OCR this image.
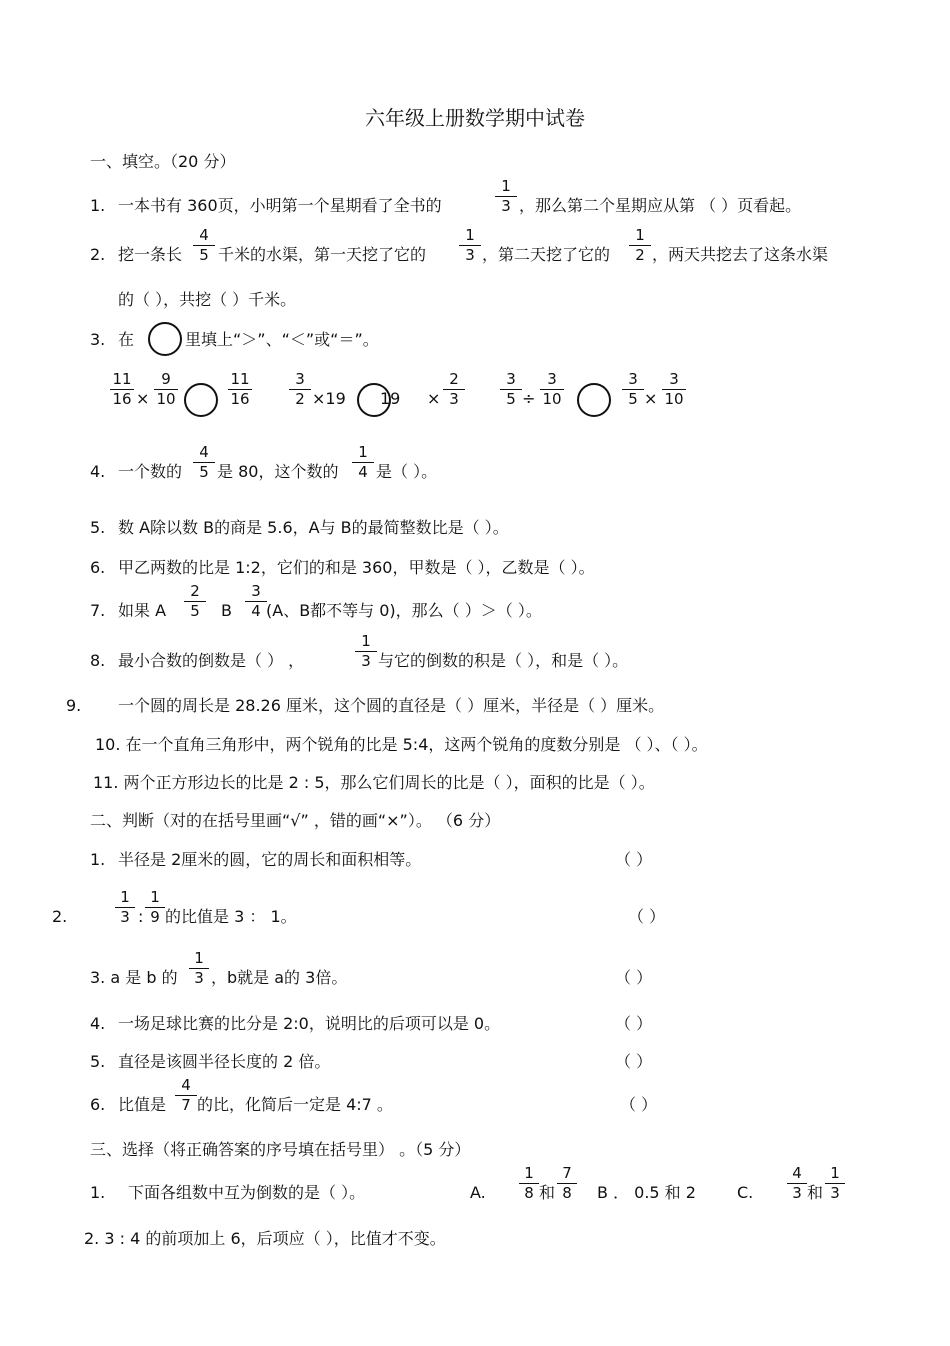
六年级上册数学期中试卷
一、填空。（20 分）
1. 一本书有 360页，小明第一个星期看了全书的	$\frac{1}{3}$ ，那么第二个星期应从第 （ ）页看起。
2. 挖一条长 $\frac{4}{5}$ 千米的水渠，第一天挖了它的 $\frac{1}{3}$ ，第二天挖了它的 $\frac{1}{2}$ ，两天共挖去了这条水渠
的（ ），共挖（ ）千米。
3. 在	里填上“＞”、“＜”或“＝”。
$\frac{11}{16} \times \frac{9}{10}$	$\frac{11}{16} \frac{3}{2} \times 19$ $19 \times \frac{2}{3} \frac{3}{5} \div \frac{3}{10}$	$\frac{3}{5} \times \frac{3}{10}$
4. 一个数的 $\frac{4}{5}$ 是 80，这个数的 $\frac{1}{4}$ 是（ ）。
5. 数 A除以数 B的商是 5.6，A与 B的最简整数比是（ ）。
6. 甲乙两数的比是 1:2，它们的和是 360，甲数是（ ），乙数是（ ）。
7. 如果 A $\frac{2}{5}$ B $\frac{3}{4} (A$、B都不等与 0)，那么（ ）＞（ ）。
8. 最小合数的倒数是（ ） ，	$\frac{1}{3}$ 与它的倒数的积是（ ），和是（ ）。
9. 一个圆的周长是 28.26 厘米，这个圆的直径是（ ）厘米，半径是（ ）厘米。
10. 在一个直角三角形中，两个锐角的比是 5:4，这两个锐角的度数分别是 （ ）、（ ）。
11. 两个正方形边长的比是 2 : 5，那么它们周长的比是（ ），面积的比是（ ）。
二、判断（对的在括号里画“√” ，错的画“×”）。 （6 分）
1. 半径是 2厘米的圆，它的周长和面积相等。	（ ）
2.	$\frac{1}{3}$ : $\frac{1}{9}$ 的比值是 3 ： 1。	（ ）
3. a 是 b 的 $\frac{1}{3}$ ，b就是 a的 3倍。	（ ）
4. 一场足球比赛的比分是 2:0，说明比的后项可以是 0。	（ ）
5. 直径是该圆半径长度的 2 倍。	（ ）
6. 比值是 $\frac{4}{7}$ 的比，化简后一定是 4:7 。	（ ）
三、选择（将正确答案的序号填在括号里） 。（5 分）
1. 下面各组数中互为倒数的是（ ）。	A. $\frac{1}{8}$ 和 $\frac{7}{8}$ B ． 0.5 和 2	C. $\frac{4}{3}$ 和 $\frac{1}{3}$
2. 3 : 4 的前项加上 6，后项应（ ），比值才不变。
